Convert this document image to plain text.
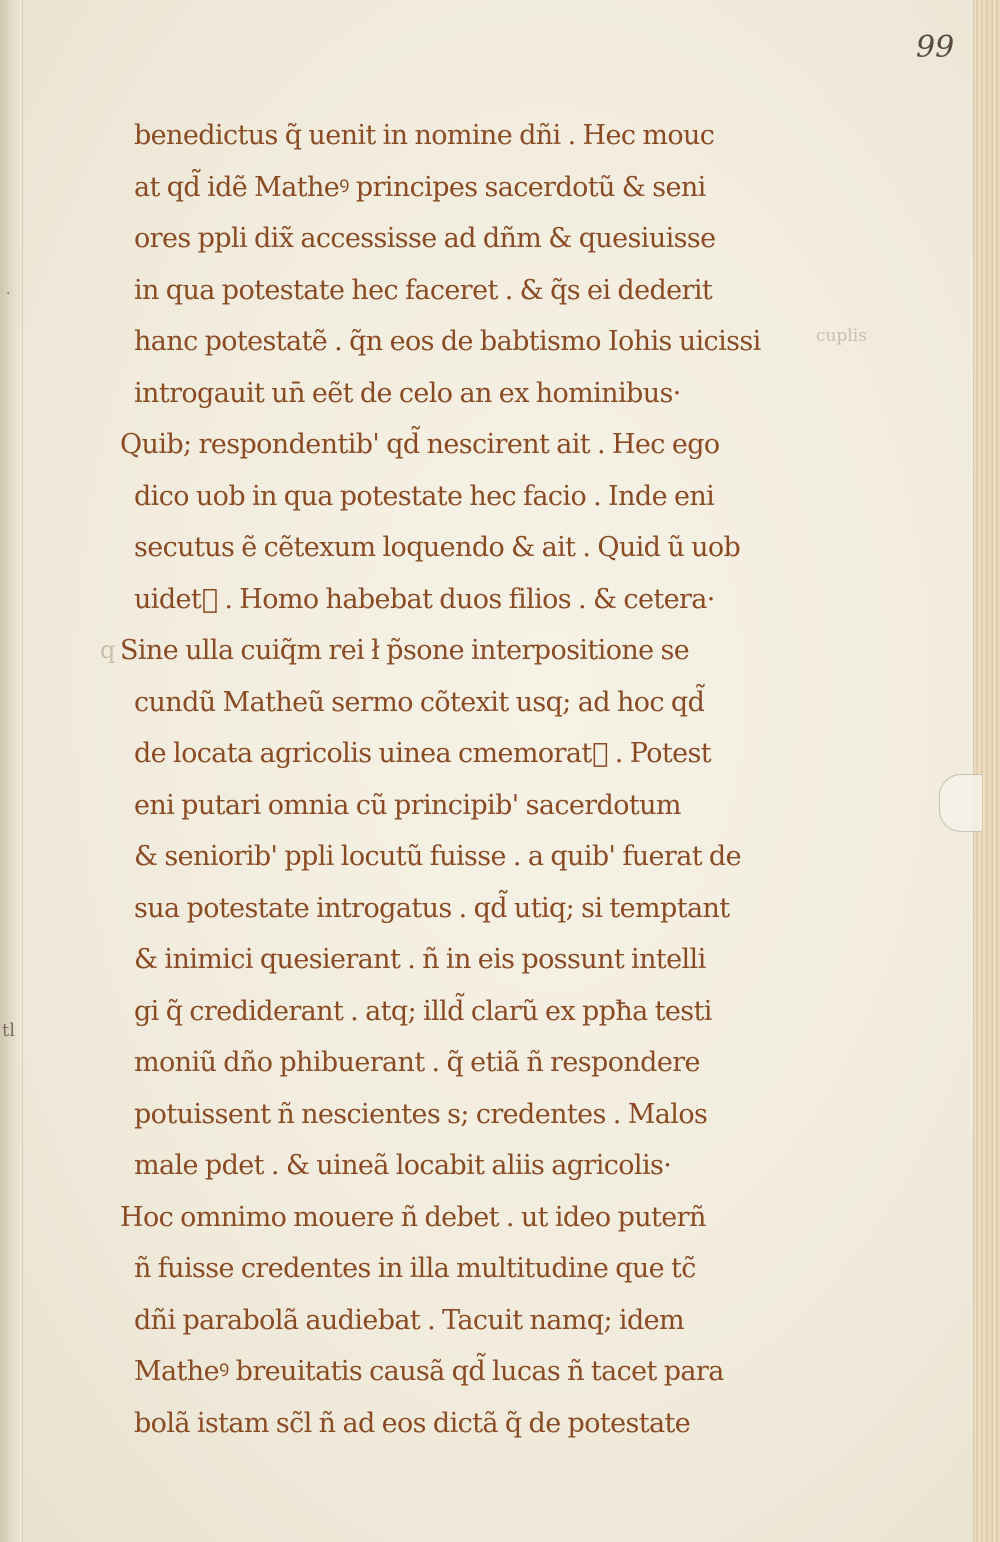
99
cuplis
q
·
tl
benedictus q̃ uenit in nomine dñi . Hec mouc
at qd̃ idẽ Matheꝰ principes sacerdotũ & seni
ores ppli dix̃ accessisse ad dñm & quesiuisse
in qua potestate hec faceret . & q̃s ei dederit
hanc potestatẽ . q̃n eos de babtismo Iohis uicissi
introgauit un̄ eẽt de celo an ex hominibus·
Quib; respondentib' qd̃ nescirent ait . Hec ego
dico uob in qua potestate hec facio . Inde eni
secutus ẽ cẽtexum loquendo & ait . Quid ũ uob
uidet᷑ . Homo habebat duos filios . & cetera·
Sine ulla cuiq̃m rei ł p̃sone interpositione se
cundũ Matheũ sermo cõtexit usq; ad hoc qd̃
de locata agricolis uinea cmemorat᷑ . Potest
eni putari omnia cũ principib' sacerdotum
& seniorib' ppli locutũ fuisse . a quib' fuerat de
sua potestate introgatus . qd̃ utiq; si temptant
& inimici quesierant . ñ in eis possunt intelli
gi q̃ crediderant . atq; illd̃ clarũ ex ppħa testi
moniũ dño phibuerant . q̃ etiã ñ respondere
potuissent ñ nescientes s; credentes . Malos
male pdet . & uineã locabit aliis agricolis·
Hoc omnimo mouere ñ debet . ut ideo puterñ
ñ fuisse credentes in illa multitudine que tc̃
dñi parabolã audiebat . Tacuit namq; idem
Matheꝰ breuitatis causã qd̃ lucas ñ tacet para
bolã istam sc̃l ñ ad eos dictã q̃ de potestate
